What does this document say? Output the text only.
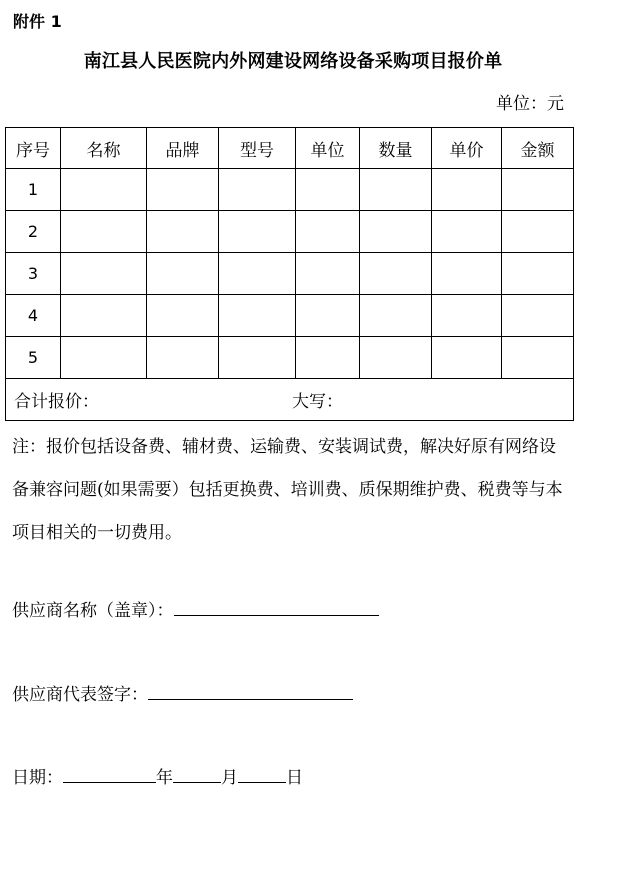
附件 1
南江县人民医院内外网建设网络设备采购项目报价单
单位：元
序号	名称	品牌	型号	单位	数量	单价	金额
1							
2							
3							
4							
5							
合计报价： 大写：							
注：报价包括设备费、辅材费、运输费、安装调试费，解决好原有网络设备兼容问题(如果需要）包括更换费、培训费、质保期维护费、税费等与本项目相关的一切费用。
供应商名称（盖章）：
供应商代表签字：
日期：	年	月	日
